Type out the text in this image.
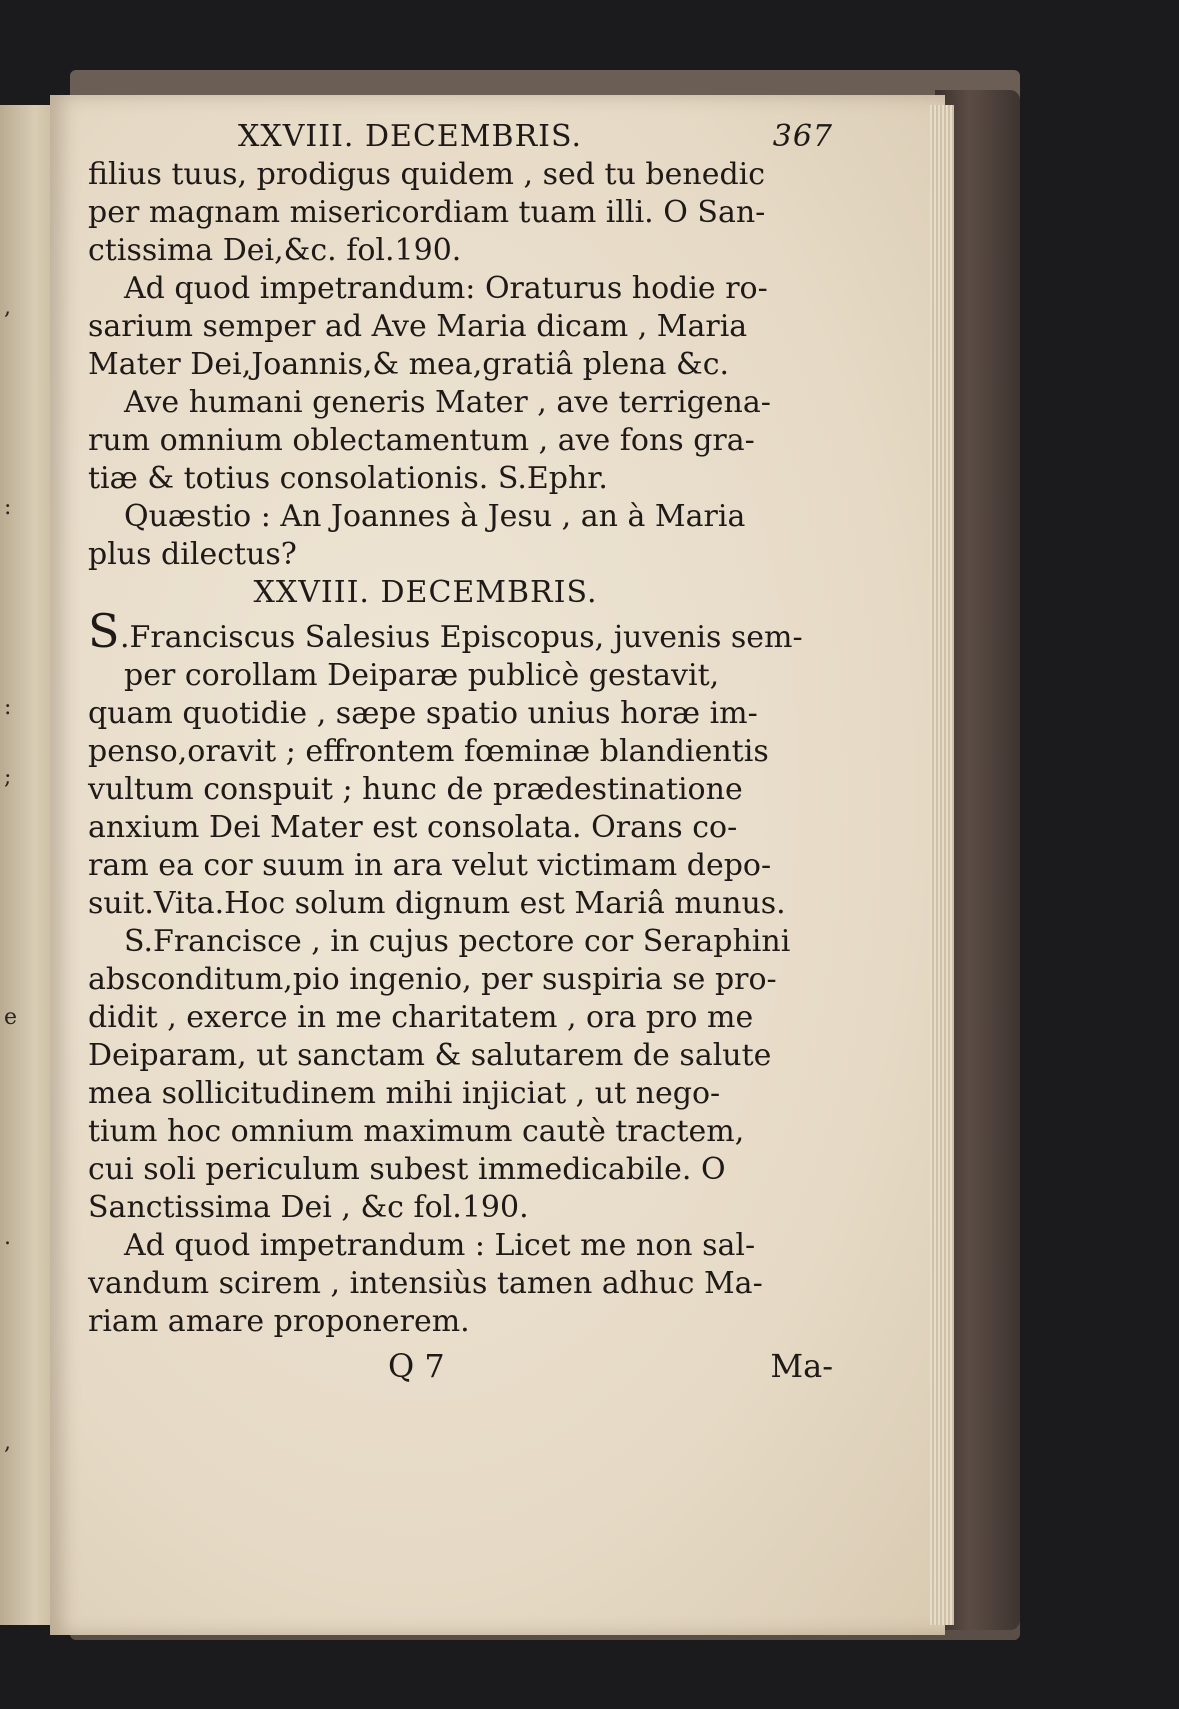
,
:
:
;
e
.
,
XXVIII. DECEMBRIS.	367
filius tuus, prodigus quidem , sed tu benedic
per magnam misericordiam tuam illi. O San-
ctissima Dei,&c. fol.190.
Ad quod impetrandum: Oraturus hodie ro-
sarium semper ad Ave Maria dicam , Maria
Mater Dei,Joannis,& mea,gratiâ plena &c.
Ave humani generis Mater , ave terrigena-
rum omnium oblectamentum , ave fons gra-
tiæ & totius consolationis. S.Ephr.
Quæstio : An Joannes à Jesu , an à Maria
plus dilectus?
XXVIII. DECEMBRIS.
S.Franciscus Salesius Episcopus, juvenis sem-
per corollam Deiparæ publicè gestavit,
quam quotidie , sæpe spatio unius horæ im-
penso,oravit ; effrontem fœminæ blandientis
vultum conspuit ; hunc de prædestinatione
anxium Dei Mater est consolata. Orans co-
ram ea cor suum in ara velut victimam depo-
suit.Vita.Hoc solum dignum est Mariâ munus.
S.Francisce , in cujus pectore cor Seraphini
absconditum,pio ingenio, per suspiria se pro-
didit , exerce in me charitatem , ora pro me
Deiparam, ut sanctam & salutarem de salute
mea sollicitudinem mihi injiciat , ut nego-
tium hoc omnium maximum cautè tractem,
cui soli periculum subest immedicabile. O
Sanctissima Dei , &c fol.190.
Ad quod impetrandum : Licet me non sal-
vandum scirem , intensiùs tamen adhuc Ma-
riam amare proponerem.
Q 7	Ma-
